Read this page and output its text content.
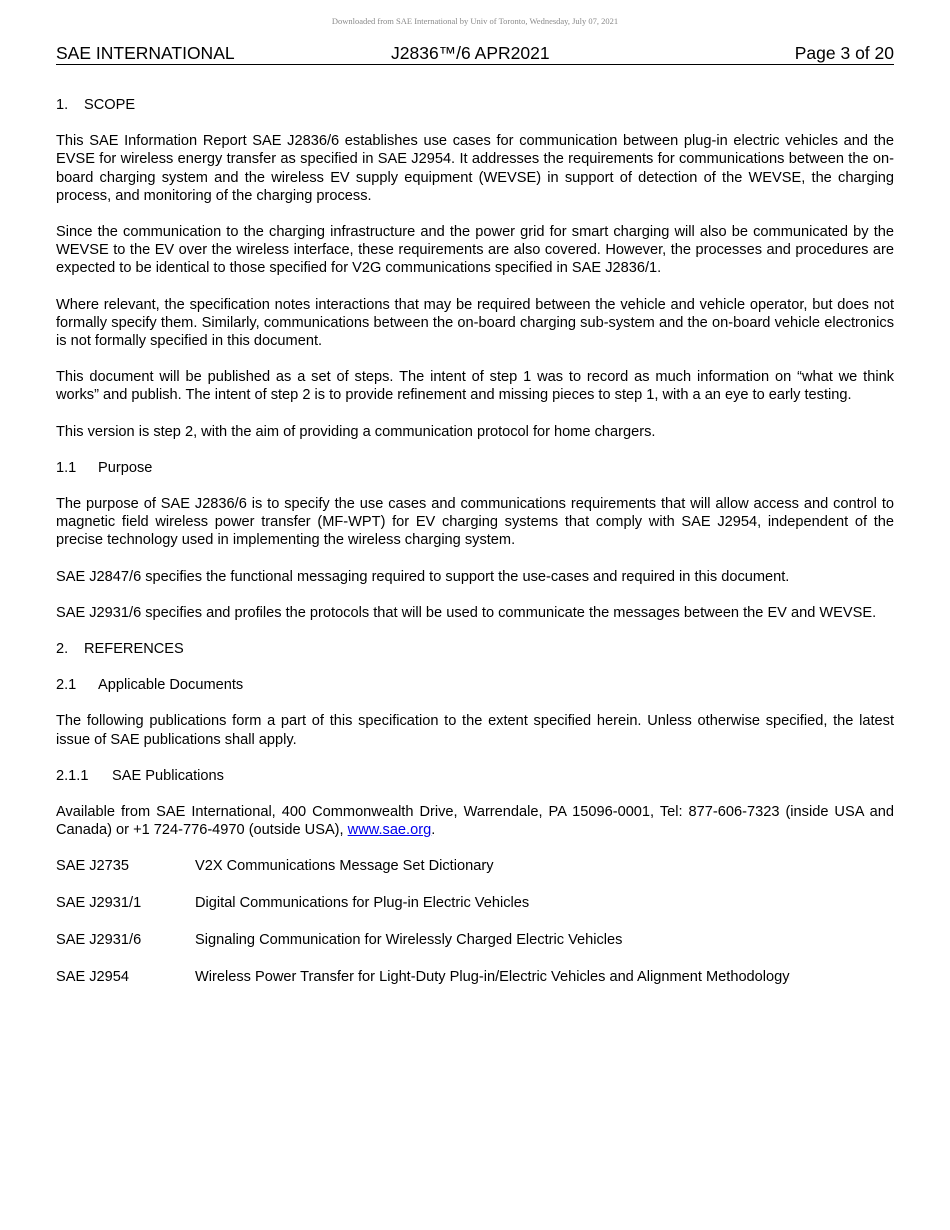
Downloaded from SAE International by Univ of Toronto, Wednesday, July 07, 2021
SAE INTERNATIONAL	J2836™/6 APR2021	Page 3 of 20
1. SCOPE

This SAE Information Report SAE J2836/6 establishes use cases for communication between plug-in electric vehicles and the EVSE for wireless energy transfer as specified in SAE J2954. It addresses the requirements for communications between the on-board charging system and the wireless EV supply equipment (WEVSE) in support of detection of the WEVSE, the charging process, and monitoring of the charging process.

Since the communication to the charging infrastructure and the power grid for smart charging will also be communicated by the WEVSE to the EV over the wireless interface, these requirements are also covered. However, the processes and procedures are expected to be identical to those specified for V2G communications specified in SAE J2836/1.

Where relevant, the specification notes interactions that may be required between the vehicle and vehicle operator, but does not formally specify them. Similarly, communications between the on-board charging sub-system and the on-board vehicle electronics is not formally specified in this document.

This document will be published as a set of steps. The intent of step 1 was to record as much information on “what we think works” and publish. The intent of step 2 is to provide refinement and missing pieces to step 1, with a an eye to early testing.

This version is step 2, with the aim of providing a communication protocol for home chargers.

1.1 Purpose

The purpose of SAE J2836/6 is to specify the use cases and communications requirements that will allow access and control to magnetic field wireless power transfer (MF-WPT) for EV charging systems that comply with SAE J2954, independent of the precise technology used in implementing the wireless charging system.

SAE J2847/6 specifies the functional messaging required to support the use-cases and required in this document.

SAE J2931/6 specifies and profiles the protocols that will be used to communicate the messages between the EV and WEVSE.

2. REFERENCES
2.1 Applicable Documents

The following publications form a part of this specification to the extent specified herein. Unless otherwise specified, the latest issue of SAE publications shall apply.

2.1.1 SAE Publications

Available from SAE International, 400 Commonwealth Drive, Warrendale, PA 15096-0001, Tel: 877-606-7323 (inside USA and Canada) or +1 724-776-4970 (outside USA), www.sae.org.

SAE J2735	V2X Communications Message Set Dictionary
SAE J2931/1	Digital Communications for Plug-in Electric Vehicles
SAE J2931/6	Signaling Communication for Wirelessly Charged Electric Vehicles
SAE J2954	Wireless Power Transfer for Light-Duty Plug-in/Electric Vehicles and Alignment Methodology
